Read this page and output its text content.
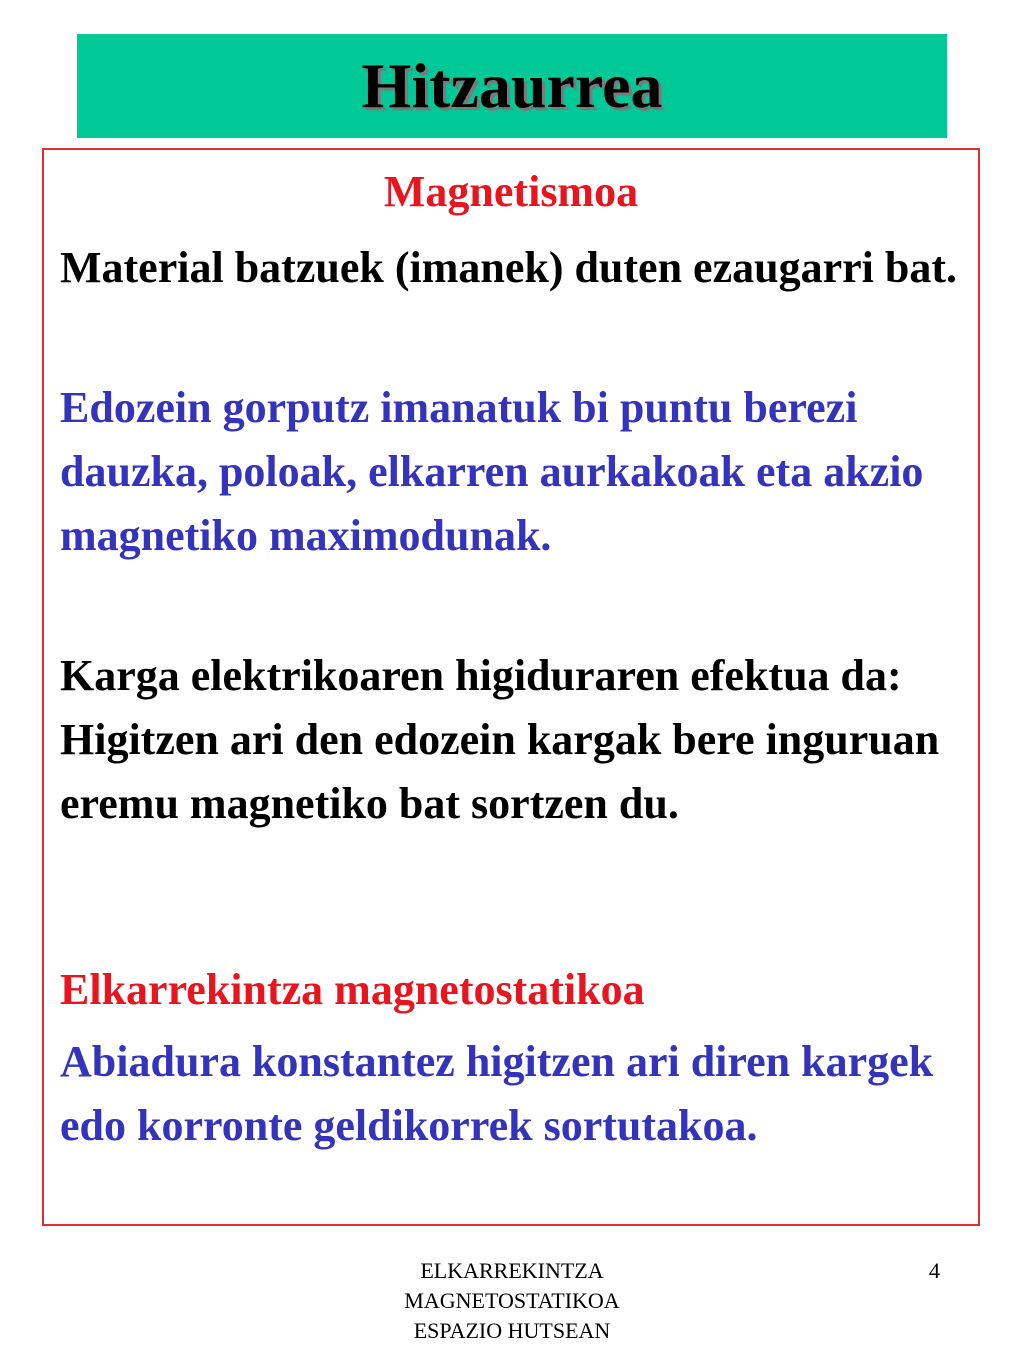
Hitzaurrea
Magnetismoa

Material batzuek (imanek) duten ezaugarri bat.

Edozein gorputz imanatuk bi puntu berezi dauzka, poloak, elkarren aurkakoak eta akzio magnetiko maximodunak.

Karga elektrikoaren higiduraren efektua da: Higitzen ari den edozein kargak bere inguruan eremu magnetiko bat sortzen du.

Elkarrekintza magnetostatikoa

Abiadura konstantez higitzen ari diren kargek edo korronte geldikorrek sortutakoa.

ELKARREKINTZA
MAGNETOSTATIKOA
ESPAZIO HUTSEAN
4
